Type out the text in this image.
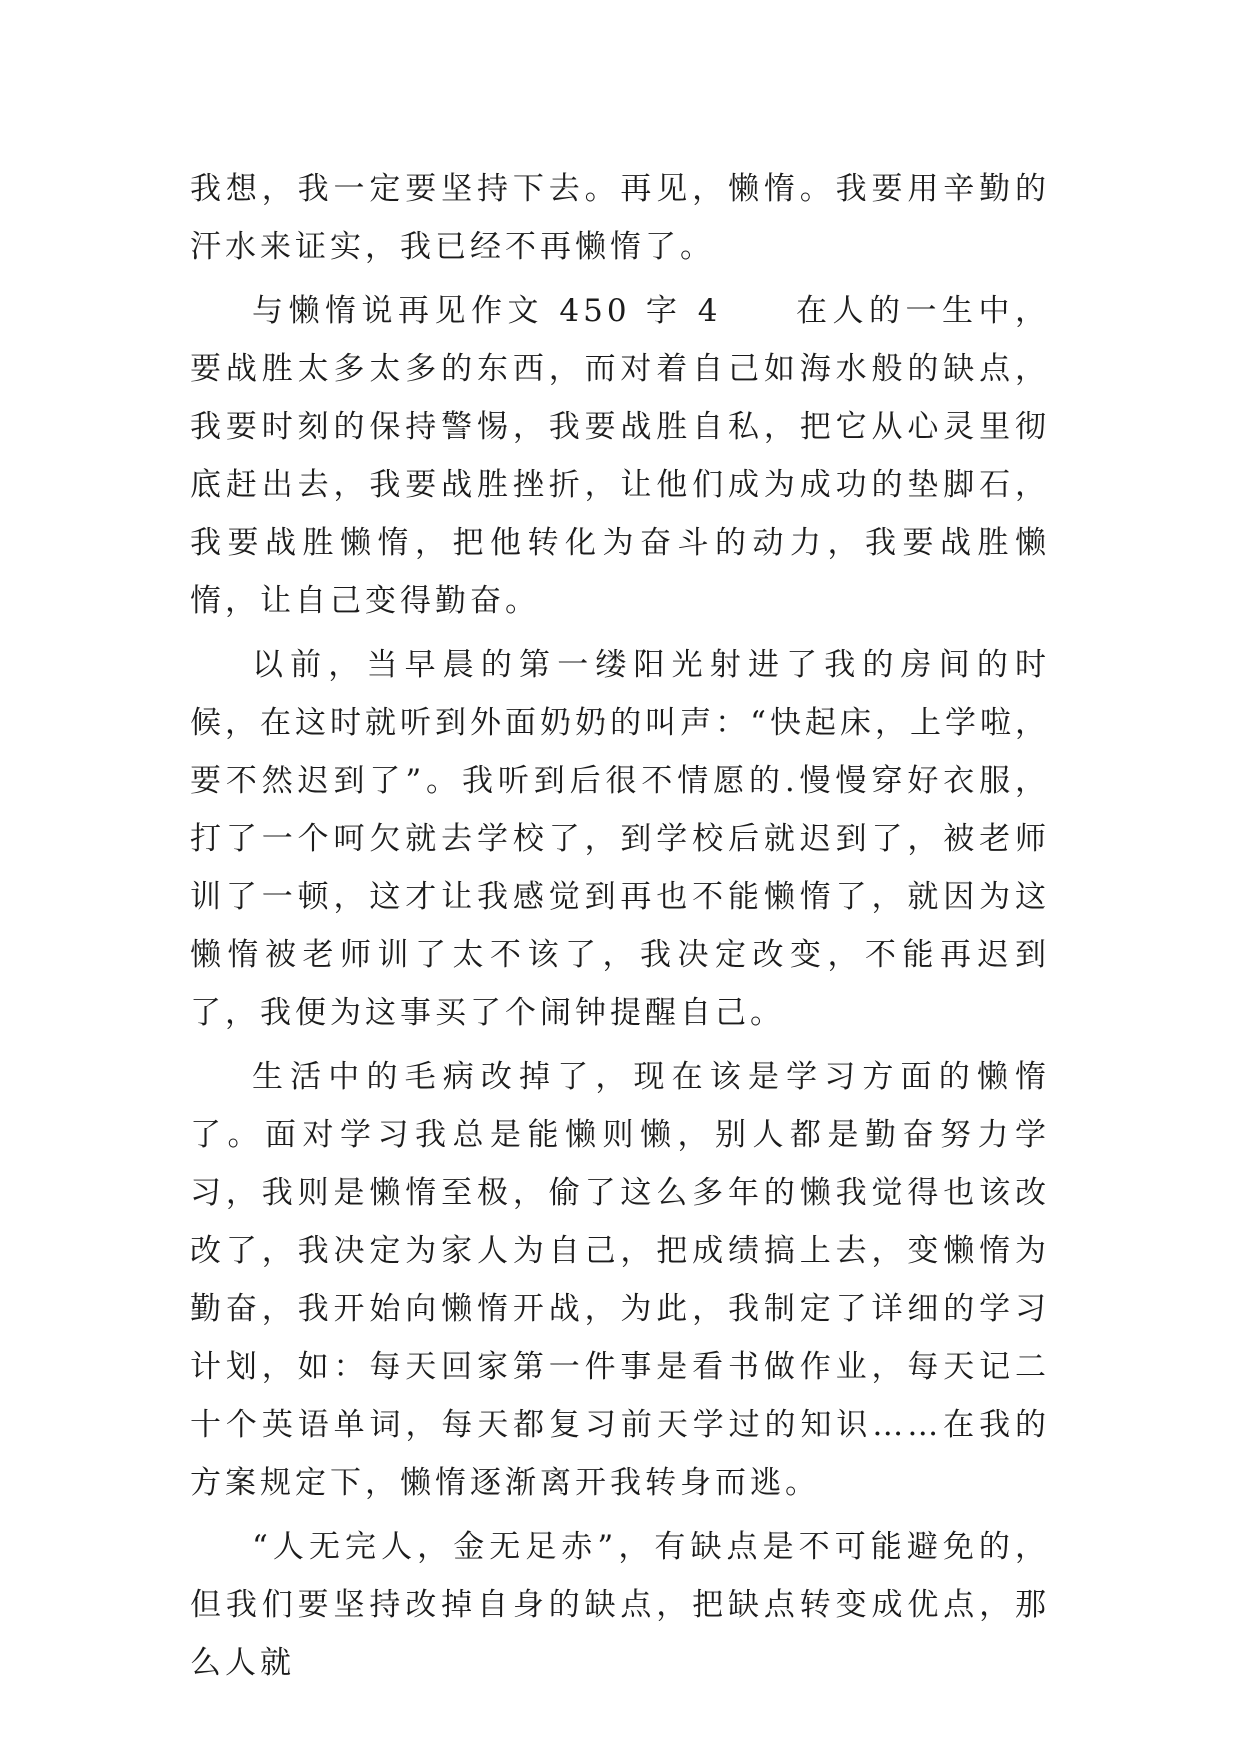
我想，我一定要坚持下去。再见，懒惰。我要用辛勤的汗水来证实，我已经不再懒惰了。

与懒惰说再见作文 450 字 4　　在人的一生中，要战胜太多太多的东西，而对着自己如海水般的缺点，我要时刻的保持警惕，我要战胜自私，把它从心灵里彻底赶出去，我要战胜挫折，让他们成为成功的垫脚石，我要战胜懒惰，把他转化为奋斗的动力，我要战胜懒惰，让自己变得勤奋。

以前，当早晨的第一缕阳光射进了我的房间的时候，在这时就听到外面奶奶的叫声：“快起床，上学啦，要不然迟到了”。我听到后很不情愿的.慢慢穿好衣服，打了一个呵欠就去学校了，到学校后就迟到了，被老师训了一顿，这才让我感觉到再也不能懒惰了，就因为这懒惰被老师训了太不该了，我决定改变，不能再迟到了，我便为这事买了个闹钟提醒自己。

生活中的毛病改掉了，现在该是学习方面的懒惰了。面对学习我总是能懒则懒，别人都是勤奋努力学习，我则是懒惰至极，偷了这么多年的懒我觉得也该改改了，我决定为家人为自己，把成绩搞上去，变懒惰为勤奋，我开始向懒惰开战，为此，我制定了详细的学习计划，如：每天回家第一件事是看书做作业，每天记二十个英语单词，每天都复习前天学过的知识……在我的方案规定下，懒惰逐渐离开我转身而逃。

“人无完人，金无足赤”，有缺点是不可能避免的，但我们要坚持改掉自身的缺点，把缺点转变成优点，那么人就
